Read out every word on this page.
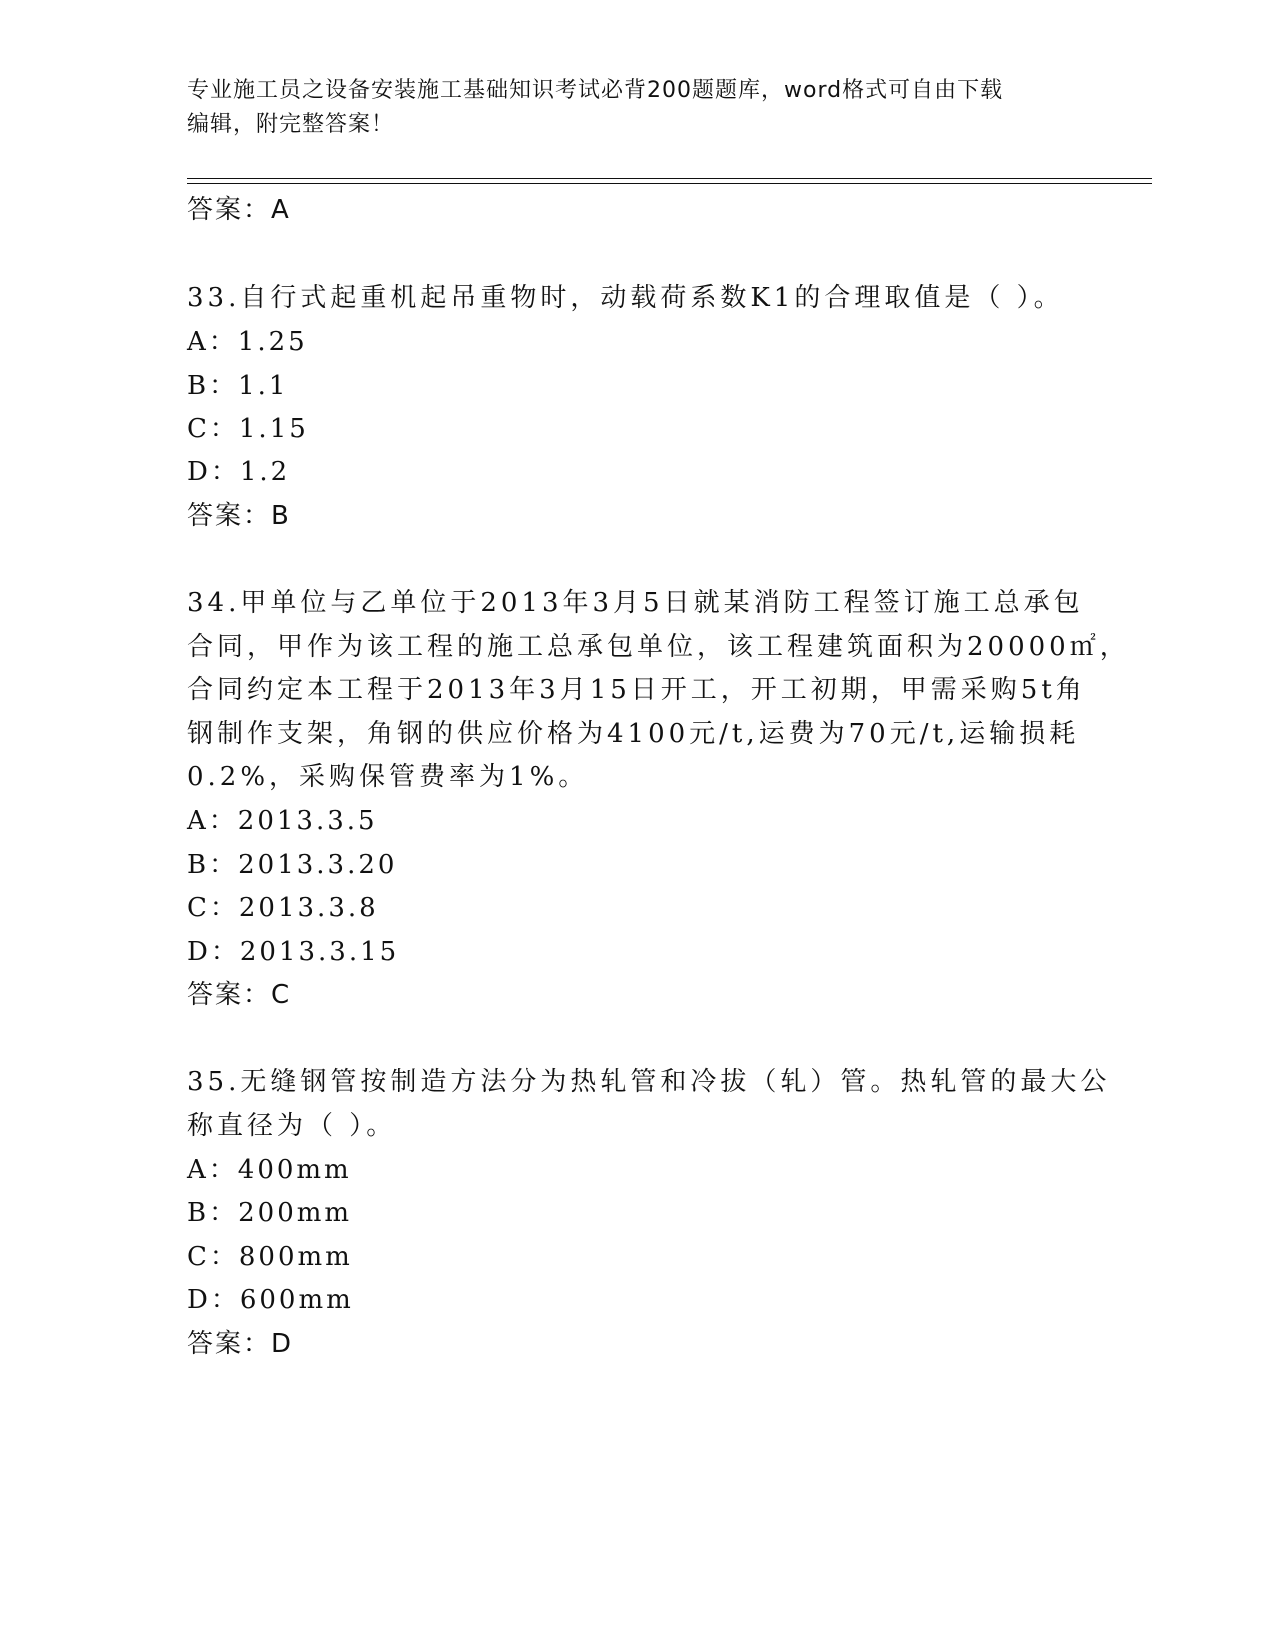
专业施工员之设备安装施工基础知识考试必背200题题库，word格式可自由下载
编辑，附完整答案！
答案：A
33.自行式起重机起吊重物时，动载荷系数K1的合理取值是（ ）。
A：1.25
B：1.1
C：1.15
D：1.2
答案：B
34.甲单位与乙单位于2013年3月5日就某消防工程签订施工总承包
合同，甲作为该工程的施工总承包单位，该工程建筑面积为20000㎡，
合同约定本工程于2013年3月15日开工，开工初期，甲需采购5t角
钢制作支架，角钢的供应价格为4100元/t,运费为70元/t,运输损耗
0.2%，采购保管费率为1%。
A：2013.3.5
B：2013.3.20
C：2013.3.8
D：2013.3.15
答案：C
35.无缝钢管按制造方法分为热轧管和冷拔（轧）管。热轧管的最大公
称直径为（ ）。
A：400mm
B：200mm
C：800mm
D：600mm
答案：D
